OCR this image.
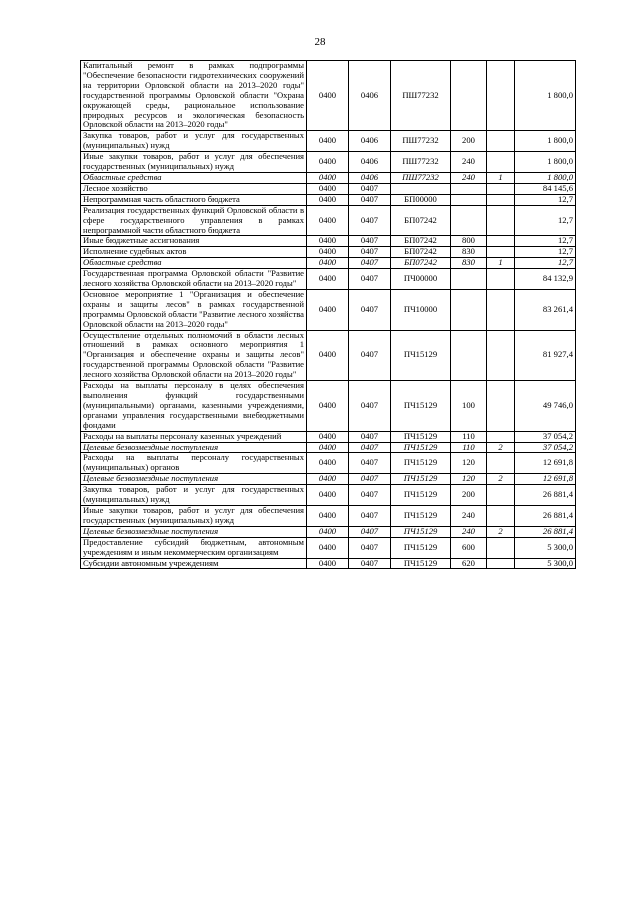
28
Капитальный ремонт в рамках подпрограммы "Обеспечение безопасности гидротехнических сооружений на территории Орловской области на 2013–2020 годы" государственной программы Орловской области "Охрана окружающей среды, рациональное использование природных ресурсов и экологическая безопасность Орловской области на 2013–2020 годы"	0400	0406	ПШ77232			1 800,0
Закупка товаров, работ и услуг для государственных (муниципальных) нужд	0400	0406	ПШ77232	200		1 800,0
Иные закупки товаров, работ и услуг для обеспечения государственных (муниципальных) нужд	0400	0406	ПШ77232	240		1 800,0
Областные средства	0400	0406	ПШ77232	240	1	1 800,0
Лесное хозяйство	0400	0407				84 145,6
Непрограммная часть областного бюджета	0400	0407	БП00000			12,7
Реализация государственных функций Орловской области в сфере государственного управления в рамках непрограммной части областного бюджета	0400	0407	БП07242			12,7
Иные бюджетные ассигнования	0400	0407	БП07242	800		12,7
Исполнение судебных актов	0400	0407	БП07242	830		12,7
Областные средства	0400	0407	БП07242	830	1	12,7
Государственная программа Орловской области "Развитие лесного хозяйства Орловской области на 2013–2020 годы"	0400	0407	ПЧ00000			84 132,9
Основное мероприятие 1 "Организация и обеспечение охраны и защиты лесов" в рамках государственной программы Орловской области "Развитие лесного хозяйства Орловской области на 2013–2020 годы"	0400	0407	ПЧ10000			83 261,4
Осуществление отдельных полномочий в области лесных отношений в рамках основного мероприятия 1 "Организация и обеспечение охраны и защиты лесов" государственной программы Орловской области "Развитие лесного хозяйства Орловской области на 2013–2020 годы"	0400	0407	ПЧ15129			81 927,4
Расходы на выплаты персоналу в целях обеспечения выполнения функций государственными (муниципальными) органами, казенными учреждениями, органами управления государственными внебюджетными фондами	0400	0407	ПЧ15129	100		49 746,0
Расходы на выплаты персоналу казенных учреждений	0400	0407	ПЧ15129	110		37 054,2
Целевые безвозмездные поступления	0400	0407	ПЧ15129	110	2	37 054,2
Расходы на выплаты персоналу государственных (муниципальных) органов	0400	0407	ПЧ15129	120		12 691,8
Целевые безвозмездные поступления	0400	0407	ПЧ15129	120	2	12 691,8
Закупка товаров, работ и услуг для государственных (муниципальных) нужд	0400	0407	ПЧ15129	200		26 881,4
Иные закупки товаров, работ и услуг для обеспечения государственных (муниципальных) нужд	0400	0407	ПЧ15129	240		26 881,4
Целевые безвозмездные поступления	0400	0407	ПЧ15129	240	2	26 881,4
Предоставление субсидий бюджетным, автономным учреждениям и иным некоммерческим организациям	0400	0407	ПЧ15129	600		5 300,0
Субсидии автономным учреждениям	0400	0407	ПЧ15129	620		5 300,0
